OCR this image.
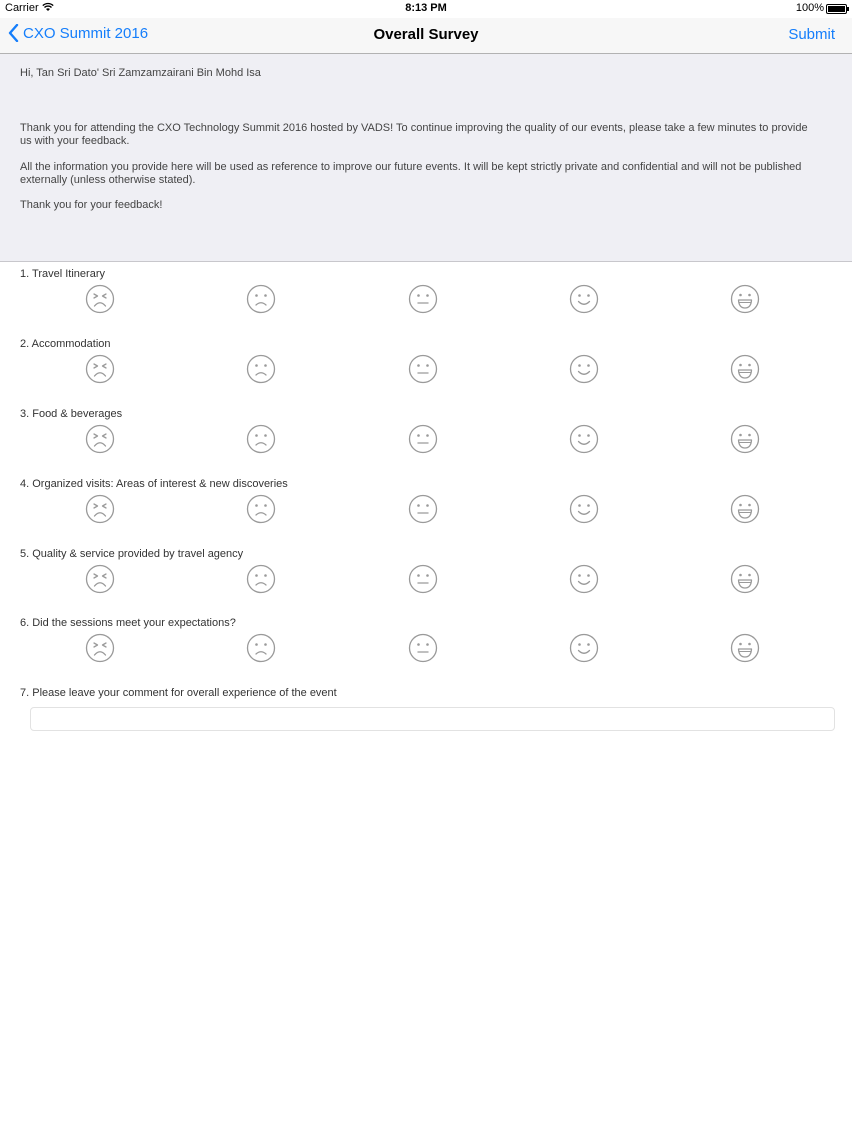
Carrier	8:13 PM	100%
CXO Summit 2016	Overall Survey	Submit

Hi, Tan Sri Dato' Sri Zamzamzairani Bin Mohd Isa

Thank you for attending the CXO Technology Summit 2016 hosted by VADS! To continue improving the quality of our events, please take a few minutes to provide us with your feedback.

All the information you provide here will be used as reference to improve our future events. It will be kept strictly private and confidential and will not be published externally (unless otherwise stated).

Thank you for your feedback!

1. Travel Itinerary
2. Accommodation
3. Food & beverages
4. Organized visits: Areas of interest & new discoveries
5. Quality & service provided by travel agency
6. Did the sessions meet your expectations?
7. Please leave your comment for overall experience of the event
